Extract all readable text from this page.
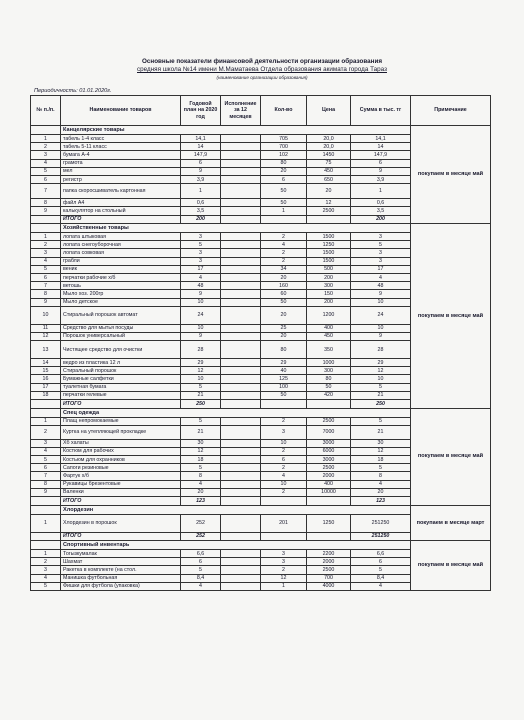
Основные показатели финансовой деятельности организации образования
средняя школа №14 имени М.Маматаева Отдела образования акимата города Тараз
(наименование организации образования)
Периодичность: 01.01.2020г.
№ п./п.	Наименование товаров	Годовой план на 2020 год	Исполнение за 12 месяцев	Кол-во	Цена	Сумма в тыс. тг	Примечание
	Канцелярские товары						покупаем в месяце май
1	табель 1-4 класс	14,1		705	20,0	14,1	
2	табель 5-11 класс	14		700	20,0	14	
3	бумага А-4	147,9		102	1450	147,9	
4	грамота	6		80	75	6	
5	мел	9		20	450	9	
6	регистр	3,9		6	650	3,9	
7	папка скоросшиватель картонная	1		50	20	1	
8	файл А4	0,6		50	12	0,6	
9	калькулятор на стольный	3,5		1	2500	3,5	
	ИТОГО	200				200	
	Хозяйственные товары						покупаем в месяце май
1	лопата штыковая	3		2	1500	3	
2	лопата снегоуборочная	5		4	1250	5	
3	лопата совковая	3		2	1500	3	
4	грабли	3		2	1500	3	
5	веник	17		34	500	17	
6	перчатки рабочие х/б	4		20	200	4	
7	ветошь	48		160	300	48	
8	Мыло хоз. 200гр	9		60	150	9	
9	Мыло детское	10		50	200	10	
10	Стиральный порошок автомат	24		20	1200	24	
11	Средство для мытья посуды	10		25	400	10	
12	Порошок универсальный	9		20	450	9	
13	Чистящее средство для очистки	28		80	350	28	
14	ведро из пластика 12 л	29		29	1000	29	
15	Стиральный порошок	12		40	300	12	
16	Бумажные салфетки	10		125	80	10	
17	туалетная бумага	5		100	50	5	
18	перчатки гелевые	21		50	420	21	
	ИТОГО	250				250	
	Спец одежда						покупаем в месяце май
1	Плащ непромокаемые	5		2	2500	5	
2	Куртка на утепляющей прокладке	21		3	7000	21	
3	Хб халаты	30		10	3000	30	
4	Костюм для рабочих	12		2	6000	12	
5	Костьюм для охранников	18		6	3000	18	
6	Сапоги резиновые	5		2	2500	5	
7	Фартук х/б	8		4	2000	8	
8	Рукавицы брезентовые	4		10	400	4	
9	Валенки	20		2	10000	20	
	ИТОГО	123				123	
	Хлордезин						покупаем в месяце март
1	Хлордезин в порошок	252		201	1250	251250	
	ИТОГО	252				251250	
	Спортивный инвентарь						покупаем в месяце май
1	Тогызкумалак	6,6		3	2200	6,6	
2	Шахмат	6		3	2000	6	
3	Ракетка в комплекте (на стол.	5		2	2500	5	
4	Манишка футбольная	8,4		12	700	8,4	
5	Фишки для футбола (упаковка)	4		1	4000	4	
